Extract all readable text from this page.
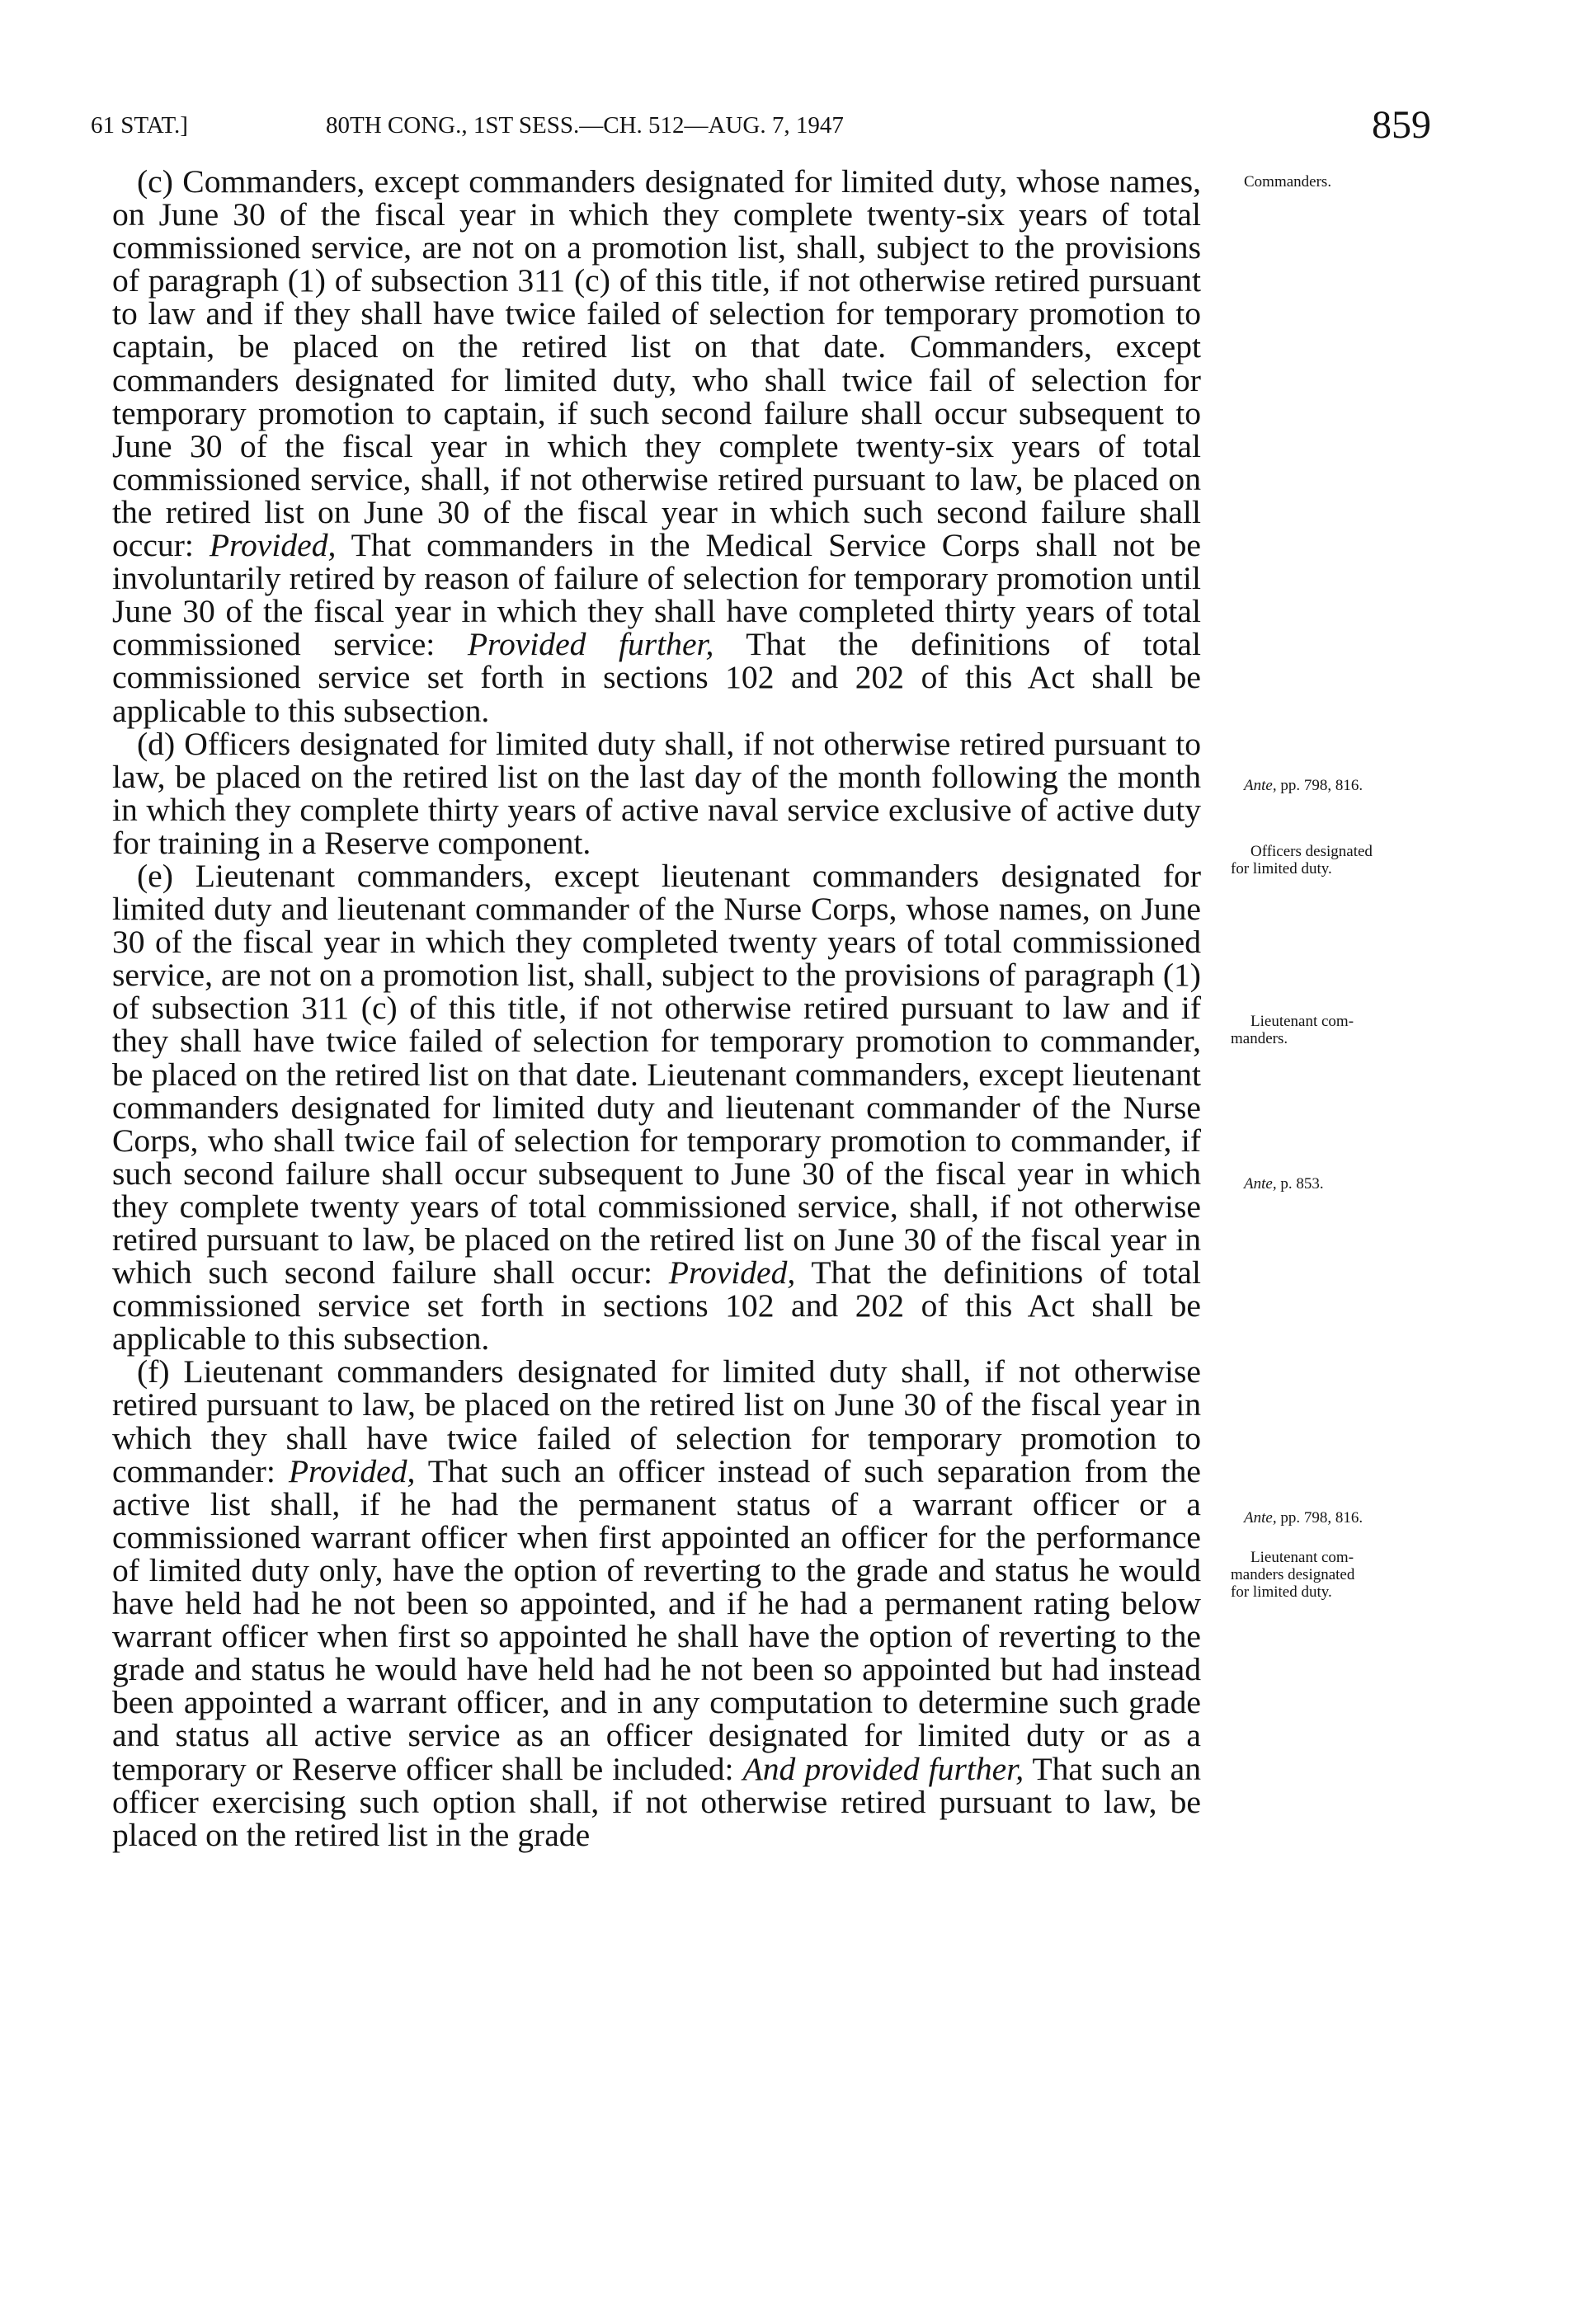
61 STAT.]	80TH CONG., 1ST SESS.—CH. 512—AUG. 7, 1947	859

(c) Commanders, except commanders designated for limited duty, whose names, on June 30 of the fiscal year in which they complete twenty-six years of total commissioned service, are not on a promotion list, shall, subject to the provisions of paragraph (1) of subsection 311 (c) of this title, if not otherwise retired pursuant to law and if they shall have twice failed of selection for temporary promotion to captain, be placed on the retired list on that date. Commanders, except commanders designated for limited duty, who shall twice fail of selection for temporary promotion to captain, if such second failure shall occur subsequent to June 30 of the fiscal year in which they complete twenty-six years of total commissioned service, shall, if not otherwise retired pursuant to law, be placed on the retired list on June 30 of the fiscal year in which such second failure shall occur: Provided, That commanders in the Medical Service Corps shall not be involuntarily retired by reason of failure of selection for temporary promotion until June 30 of the fiscal year in which they shall have completed thirty years of total commissioned service: Provided further, That the definitions of total commissioned service set forth in sections 102 and 202 of this Act shall be applicable to this subsection.

(d) Officers designated for limited duty shall, if not otherwise retired pursuant to law, be placed on the retired list on the last day of the month following the month in which they complete thirty years of active naval service exclusive of active duty for training in a Reserve component.

(e) Lieutenant commanders, except lieutenant commanders designated for limited duty and lieutenant commander of the Nurse Corps, whose names, on June 30 of the fiscal year in which they completed twenty years of total commissioned service, are not on a promotion list, shall, subject to the provisions of paragraph (1) of subsection 311 (c) of this title, if not otherwise retired pursuant to law and if they shall have twice failed of selection for temporary promotion to commander, be placed on the retired list on that date. Lieutenant commanders, except lieutenant commanders designated for limited duty and lieutenant commander of the Nurse Corps, who shall twice fail of selection for temporary promotion to commander, if such second failure shall occur subsequent to June 30 of the fiscal year in which they complete twenty years of total commissioned service, shall, if not otherwise retired pursuant to law, be placed on the retired list on June 30 of the fiscal year in which such second failure shall occur: Provided, That the definitions of total commissioned service set forth in sections 102 and 202 of this Act shall be applicable to this subsection.

(f) Lieutenant commanders designated for limited duty shall, if not otherwise retired pursuant to law, be placed on the retired list on June 30 of the fiscal year in which they shall have twice failed of selection for temporary promotion to commander: Provided, That such an officer instead of such separation from the active list shall, if he had the permanent status of a warrant officer or a commissioned warrant officer when first appointed an officer for the performance of limited duty only, have the option of reverting to the grade and status he would have held had he not been so appointed, and if he had a permanent rating below warrant officer when first so appointed he shall have the option of reverting to the grade and status he would have held had he not been so appointed but had instead been appointed a warrant officer, and in any computation to determine such grade and status all active service as an officer designated for limited duty or as a temporary or Reserve officer shall be included: And provided further, That such an officer exercising such option shall, if not otherwise retired pursuant to law, be placed on the retired list in the grade

Commanders.
Ante, pp. 798, 816.
Officers designated
for limited duty.
Lieutenant com-
manders.
Ante, p. 853.
Ante, pp. 798, 816.
Lieutenant com-
manders designated
for limited duty.
